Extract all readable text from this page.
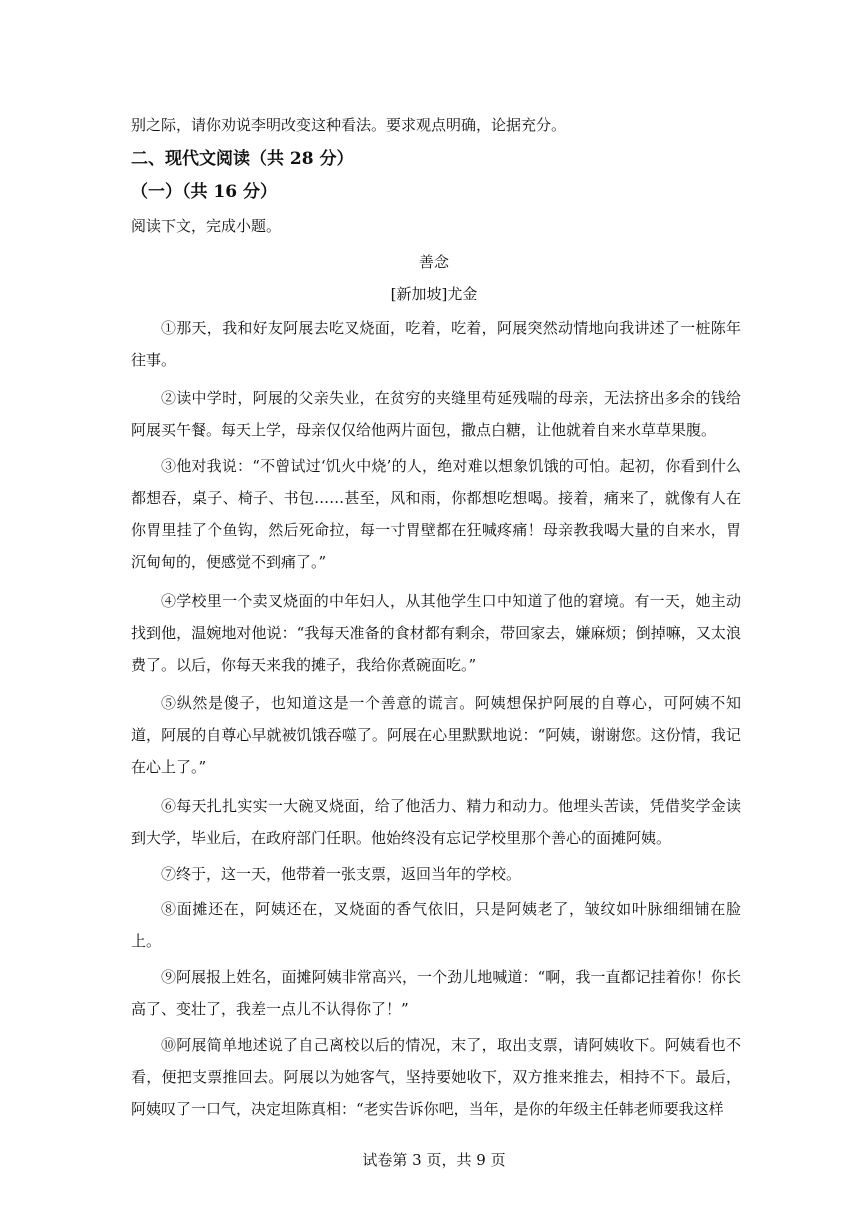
别之际，请你劝说李明改变这种看法。要求观点明确，论据充分。
二、现代文阅读（共 28 分）
（一）（共 16 分）
阅读下文，完成小题。
善念
[新加坡]尤金

①那天，我和好友阿展去吃叉烧面，吃着，吃着，阿展突然动情地向我讲述了一桩陈年往事。

②读中学时，阿展的父亲失业，在贫穷的夹缝里苟延残喘的母亲，无法挤出多余的钱给阿展买午餐。每天上学，母亲仅仅给他两片面包，撒点白糖，让他就着自来水草草果腹。

③他对我说：“不曾试过‘饥火中烧’的人，绝对难以想象饥饿的可怕。起初，你看到什么都想吞，桌子、椅子、书包……甚至，风和雨，你都想吃想喝。接着，痛来了，就像有人在你胃里挂了个鱼钩，然后死命拉，每一寸胃壁都在狂喊疼痛！母亲教我喝大量的自来水，胃沉甸甸的，便感觉不到痛了。”

④学校里一个卖叉烧面的中年妇人，从其他学生口中知道了他的窘境。有一天，她主动找到他，温婉地对他说：“我每天准备的食材都有剩余，带回家去，嫌麻烦；倒掉嘛，又太浪费了。以后，你每天来我的摊子，我给你煮碗面吃。”

⑤纵然是傻子，也知道这是一个善意的谎言。阿姨想保护阿展的自尊心，可阿姨不知道，阿展的自尊心早就被饥饿吞噬了。阿展在心里默默地说：“阿姨，谢谢您。这份情，我记在心上了。”

⑥每天扎扎实实一大碗叉烧面，给了他活力、精力和动力。他埋头苦读，凭借奖学金读到大学，毕业后，在政府部门任职。他始终没有忘记学校里那个善心的面摊阿姨。

⑦终于，这一天，他带着一张支票，返回当年的学校。

⑧面摊还在，阿姨还在，叉烧面的香气依旧，只是阿姨老了，皱纹如叶脉细细铺在脸上。

⑨阿展报上姓名，面摊阿姨非常高兴，一个劲儿地喊道：“啊，我一直都记挂着你！你长高了、变壮了，我差一点儿不认得你了！”

⑩阿展简单地述说了自己离校以后的情况，末了，取出支票，请阿姨收下。阿姨看也不看，便把支票推回去。阿展以为她客气，坚持要她收下，双方推来推去，相持不下。最后，阿姨叹了一口气，决定坦陈真相：“老实告诉你吧，当年，是你的年级主任韩老师要我这样

试卷第 3 页，共 9 页
